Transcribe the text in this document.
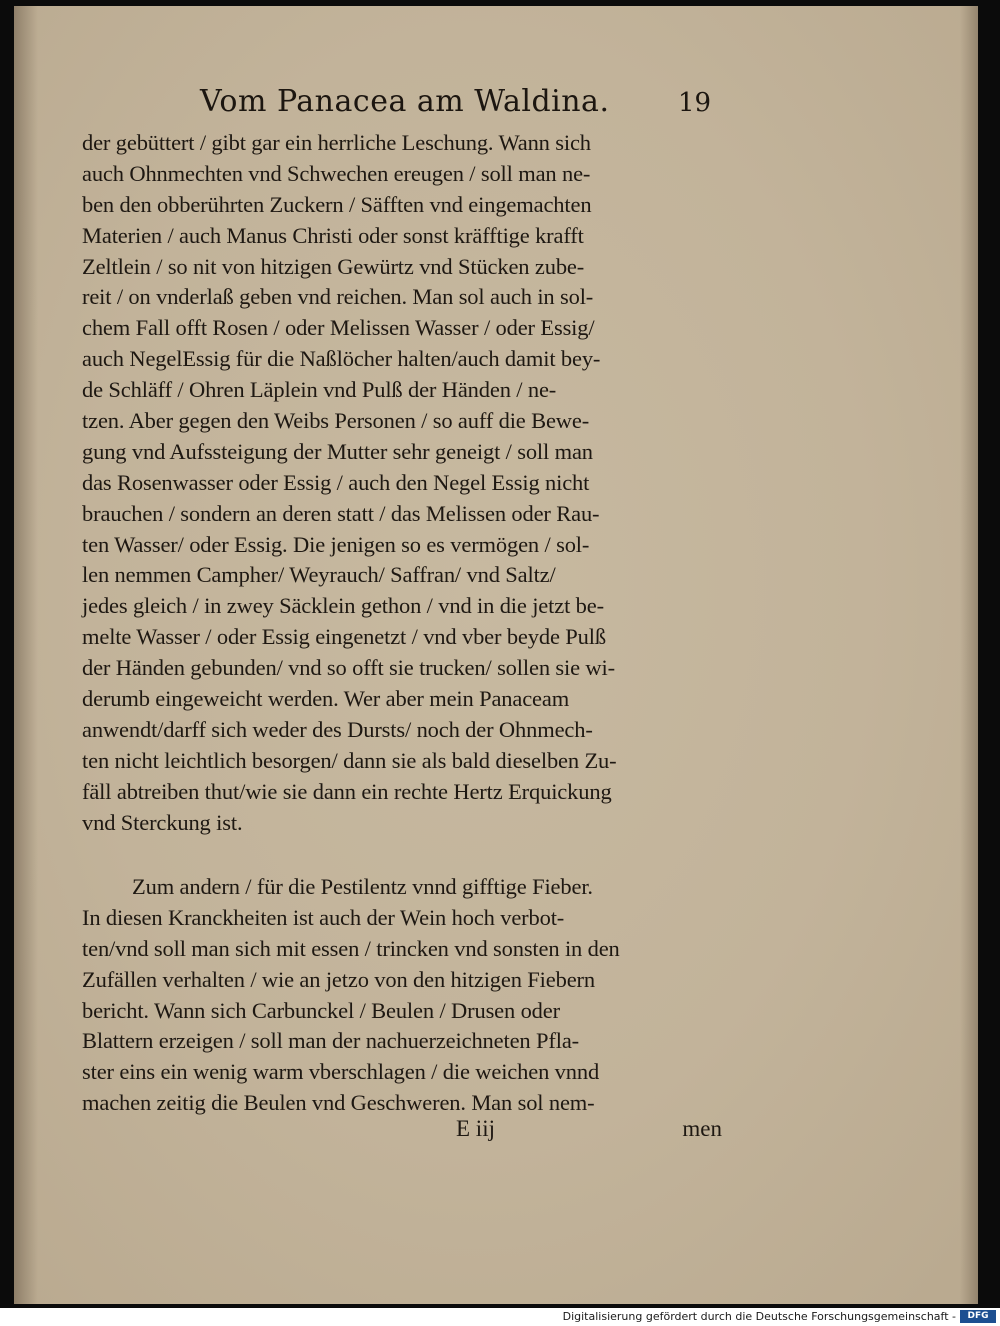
Vom Panacea am Waldina.	19
der gebüttert / gibt gar ein herrliche Leschung. Wann sich
auch Ohnmechten vnd Schwechen ereugen / soll man ne-
ben den obberührten Zuckern / Säfften vnd eingemachten
Materien / auch Manus Christi oder sonst kräfftige krafft
Zeltlein / so nit von hitzigen Gewürtz vnd Stücken zube-
reit / on vnderlaß geben vnd reichen. Man sol auch in sol-
chem Fall offt Rosen / oder Melissen Wasser / oder Essig/
auch NegelEssig für die Naßlöcher halten/auch damit bey-
de Schläff / Ohren Läplein vnd Pulß der Händen / ne-
tzen. Aber gegen den Weibs Personen / so auff die Bewe-
gung vnd Aufssteigung der Mutter sehr geneigt / soll man
das Rosenwasser oder Essig / auch den Negel Essig nicht
brauchen / sondern an deren statt / das Melissen oder Rau-
ten Wasser/ oder Essig. Die jenigen so es vermögen / sol-
len nemmen Campher/ Weyrauch/ Saffran/ vnd Saltz/
jedes gleich / in zwey Säcklein gethon / vnd in die jetzt be-
melte Wasser / oder Essig eingenetzt / vnd vber beyde Pulß
der Händen gebunden/ vnd so offt sie trucken/ sollen sie wi-
derumb eingeweicht werden. Wer aber mein Panaceam
anwendt/darff sich weder des Dursts/ noch der Ohnmech-
ten nicht leichtlich besorgen/ dann sie als bald dieselben Zu-
fäll abtreiben thut/wie sie dann ein rechte Hertz Erquickung
vnd Sterckung ist.
Zum andern / für die Pestilentz vnnd gifftige Fieber.
In diesen Kranckheiten ist auch der Wein hoch verbot-
ten/vnd soll man sich mit essen / trincken vnd sonsten in den
Zufällen verhalten / wie an jetzo von den hitzigen Fiebern
bericht. Wann sich Carbunckel / Beulen / Drusen oder
Blattern erzeigen / soll man der nachuerzeichneten Pfla-
ster eins ein wenig warm vberschlagen / die weichen vnnd
machen zeitig die Beulen vnd Geschweren. Man sol nem-
E iij	men
Digitalisierung gefördert durch die Deutsche Forschungsgemeinschaft -	DFG
